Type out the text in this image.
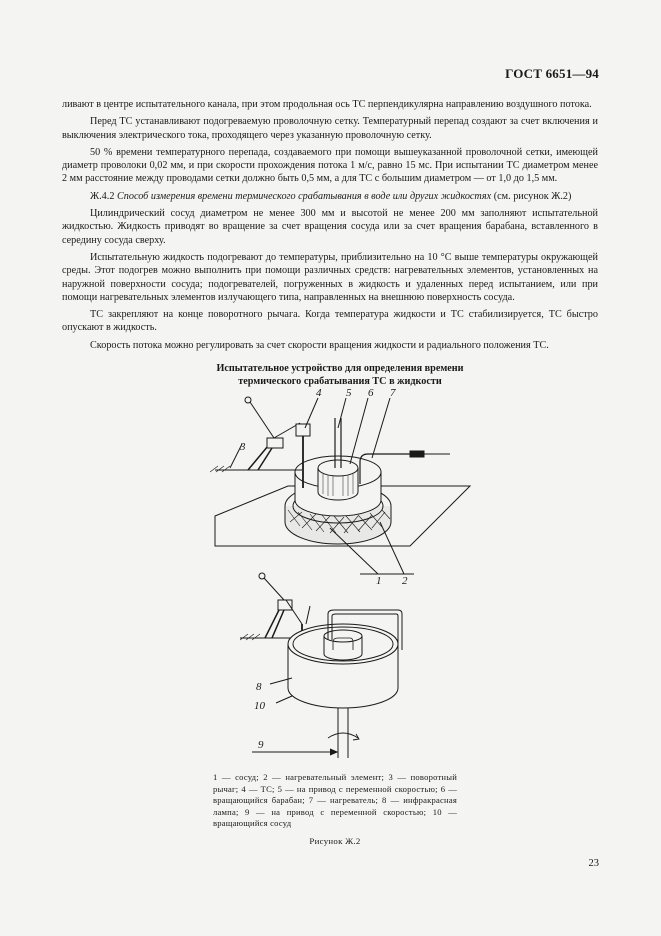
ГОСТ 6651—94

ливают в центре испытательного канала, при этом продольная ось ТС перпендикулярна направлению воздушного потока.

Перед ТС устанавливают подогреваемую проволочную сетку. Температурный перепад создают за счет включения и выключения электрического тока, проходящего через указанную проволочную сетку.

50 % времени температурного перепада, создаваемого при помощи вышеуказанной проволочной сетки, имеющей диаметр проволоки 0,02 мм, и при скорости прохождения потока 1 м/с, равно 15 мс. При испытании ТС диаметром менее 2 мм расстояние между проводами сетки должно быть 0,5 мм, а для ТС с большим диаметром — от 1,0 до 1,5 мм.

Ж.4.2 Способ измерения времени термического срабатывания в воде или других жидкостях (см. рисунок Ж.2)

Цилиндрический сосуд диаметром не менее 300 мм и высотой не менее 200 мм заполняют испытательной жидкостью. Жидкость приводят во вращение за счет вращения сосуда или за счет вращения барабана, вставленного в середину сосуда сверху.

Испытательную жидкость подогревают до температуры, приблизительно на 10 °С выше температуры окружающей среды. Этот подогрев можно выполнить при помощи различных средств: нагревательных элементов, установленных на наружной поверхности сосуда; подогревателей, погруженных в жидкость и удаленных перед испытанием, или при помощи нагревательных элементов излучающего типа, направленных на внешнюю поверхность сосуда.

ТС закрепляют на конце поворотного рычага. Когда температура жидкости и ТС стабилизируется, ТС быстро опускают в жидкость.

Скорость потока можно регулировать за счет скорости вращения жидкости и радиального положения ТС.

Испытательное устройство для определения времени
термического срабатывания ТС в жидкости
4 5 6 7
3
1 2
8
10
9
1 — сосуд; 2 — нагревательный элемент; 3 — поворотный рычаг; 4 — ТС; 5 — на привод с переменной скоростью; 6 — вращающийся барабан; 7 — нагреватель; 8 — инфракрасная лампа; 9 — на привод с переменной скоростью; 10 — вращающийся сосуд
Рисунок Ж.2
23
